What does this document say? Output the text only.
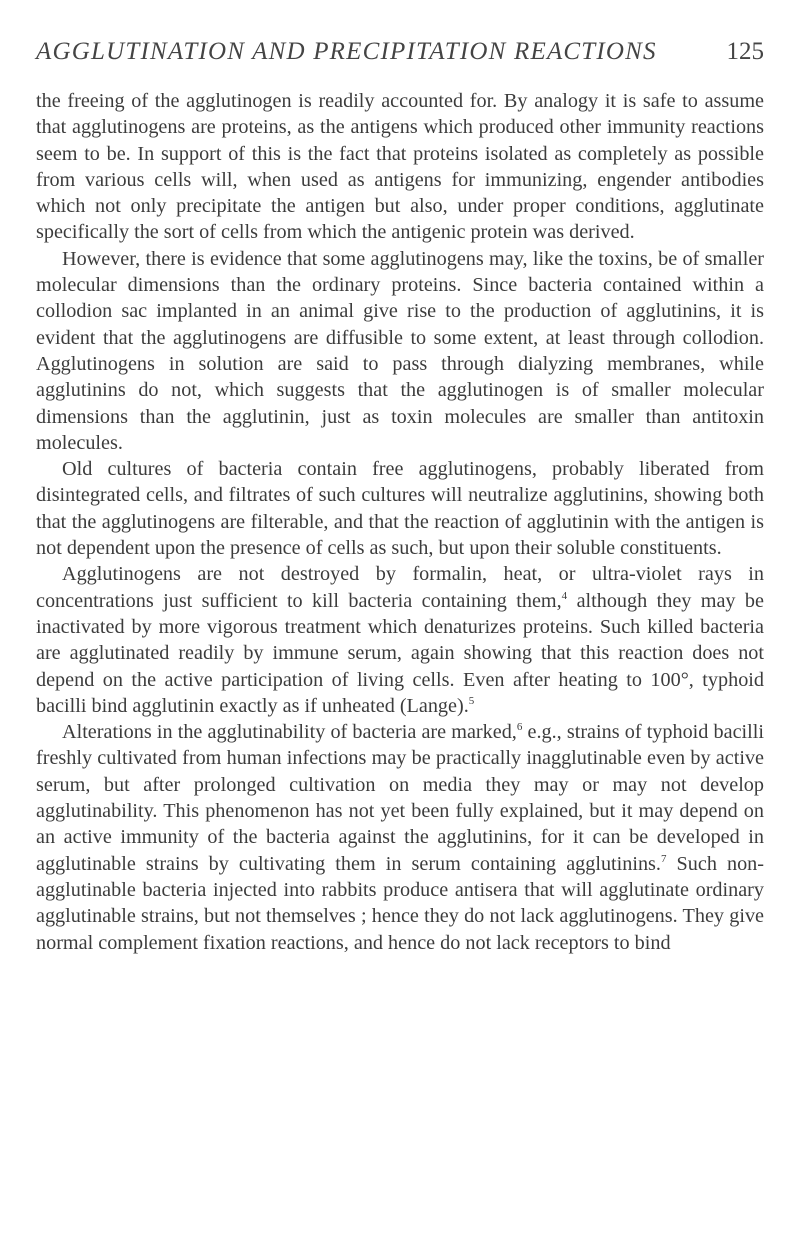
AGGLUTINATION AND PRECIPITATION REACTIONS	125

the freeing of the agglutinogen is readily accounted for. By analogy it is safe to assume that agglutinogens are proteins, as the antigens which produced other immunity reactions seem to be. In support of this is the fact that proteins isolated as completely as possible from various cells will, when used as antigens for immunizing, engender antibodies which not only precipitate the antigen but also, under proper conditions, agglutinate specifically the sort of cells from which the antigenic protein was derived.

However, there is evidence that some agglutinogens may, like the toxins, be of smaller molecular dimensions than the ordinary proteins. Since bacteria contained within a collodion sac implanted in an animal give rise to the production of agglutinins, it is evident that the agglutinogens are diffusible to some extent, at least through collodion. Agglutinogens in solution are said to pass through dialyzing membranes, while agglutinins do not, which suggests that the agglutinogen is of smaller molecular dimensions than the agglutinin, just as toxin molecules are smaller than antitoxin molecules.

Old cultures of bacteria contain free agglutinogens, probably liberated from disintegrated cells, and filtrates of such cultures will neutralize agglutinins, showing both that the agglutinogens are filterable, and that the reaction of agglutinin with the antigen is not dependent upon the presence of cells as such, but upon their soluble constituents.

Agglutinogens are not destroyed by formalin, heat, or ultra-violet rays in concentrations just sufficient to kill bacteria containing them,$^4$ although they may be inactivated by more vigorous treatment which denaturizes proteins. Such killed bacteria are agglutinated readily by immune serum, again showing that this reaction does not depend on the active participation of living cells. Even after heating to 100°, typhoid bacilli bind agglutinin exactly as if unheated (Lange).$^5$

Alterations in the agglutinability of bacteria are marked,$^6$ e.g., strains of typhoid bacilli freshly cultivated from human infections may be practically inagglutinable even by active serum, but after prolonged cultivation on media they may or may not develop agglutinability. This phenomenon has not yet been fully explained, but it may depend on an active immunity of the bacteria against the agglutinins, for it can be developed in agglutinable strains by cultivating them in serum containing agglutinins.$^7$ Such non-agglutinable bacteria injected into rabbits produce antisera that will agglutinate ordinary agglutinable strains, but not themselves ; hence they do not lack agglutinogens. They give normal complement fixation reactions, and hence do not lack receptors to bind
